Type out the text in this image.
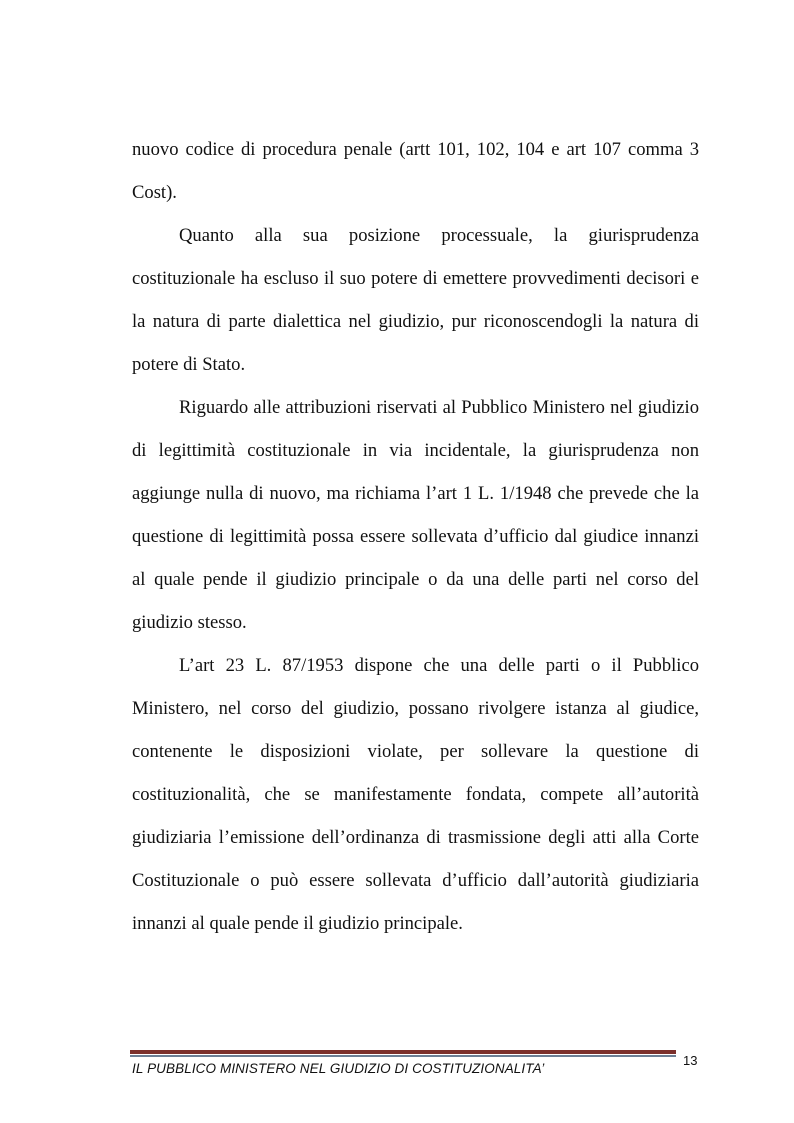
nuovo codice di procedura penale (artt 101, 102, 104 e art 107 comma 3 Cost).

Quanto alla sua posizione processuale, la giurisprudenza costituzionale ha escluso il suo potere di emettere provvedimenti decisori e la natura di parte dialettica nel giudizio, pur riconoscendogli la natura di potere di Stato.

Riguardo alle attribuzioni riservati al Pubblico Ministero nel giudizio di legittimità costituzionale in via incidentale, la giurisprudenza non aggiunge nulla di nuovo, ma richiama l’art 1 L. 1/1948 che prevede che la questione di legittimità possa essere sollevata d’ufficio dal giudice innanzi al quale pende il giudizio principale o da una delle parti nel corso del giudizio stesso.

L’art 23 L. 87/1953 dispone che una delle parti o il Pubblico Ministero, nel corso del giudizio, possano rivolgere istanza al giudice, contenente le disposizioni violate, per sollevare la questione di costituzionalità, che se manifestamente fondata, compete all’autorità giudiziaria l’emissione dell’ordinanza di trasmissione degli atti alla Corte Costituzionale o può essere sollevata d’ufficio dall’autorità giudiziaria innanzi al quale pende il giudizio principale.

IL PUBBLICO MINISTERO NEL GIUDIZIO DI COSTITUZIONALITA’
13
